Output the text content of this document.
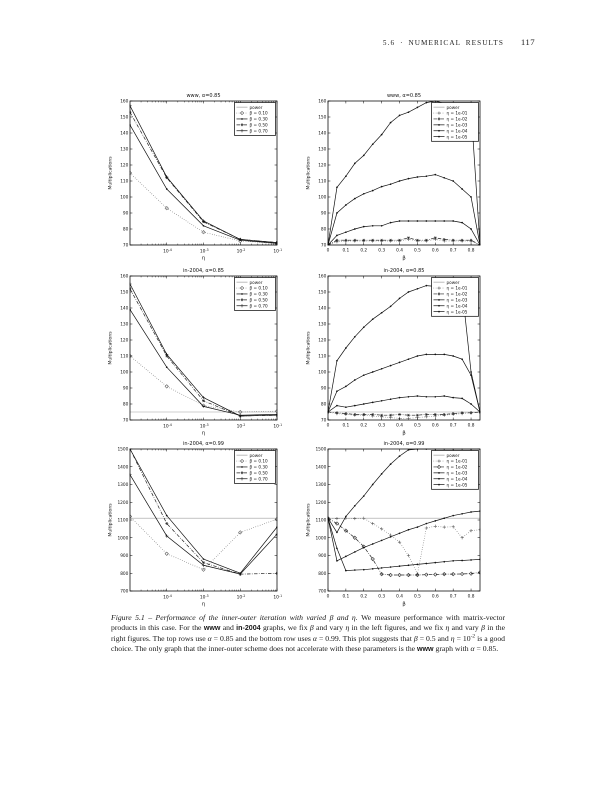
5.6 · NUMERICAL RESULTS 117
$10^{-4}$	$10^{-3}$	$10^{-2}$	$10^{-1}$
70
80
90
100
110
120
130
140
150
160
www, α=0.85
η
Multiplications
power
β = 0.10
β = 0.30
β = 0.50
β = 0.70
0	0.1	0.2	0.3	0.4	0.5	0.6	0.7	0.8
70
80
90
100
110
120
130
140
150
160
www, α=0.85
β
Multiplications
power
η = 1e-01
η = 1e-02
η = 1e-03
η = 1e-04
η = 1e-05
$10^{-4}$	$10^{-3}$	$10^{-2}$	$10^{-1}$
70
80
90
100
110
120
130
140
150
160
in-2004, α=0.85
η
Multiplications
power
β = 0.10
β = 0.30
β = 0.50
β = 0.70
0	0.1	0.2	0.3	0.4	0.5	0.6	0.7	0.8
70
80
90
100
110
120
130
140
150
160
in-2004, α=0.85
β
Multiplications
power
η = 1e-01
η = 1e-02
η = 1e-03
η = 1e-04
η = 1e-05
$10^{-4}$	$10^{-3}$	$10^{-2}$	$10^{-1}$
700
800
900
1000
1100
1200
1300
1400
1500
in-2004, α=0.99
η
Multiplications
power
β = 0.10
β = 0.30
β = 0.50
β = 0.70
0	0.1	0.2	0.3	0.4	0.5	0.6	0.7	0.8
700
800
900
1000
1100
1200
1300
1400
1500
in-2004, α=0.99
β
Multiplications
power
η = 1e-01
η = 1e-02
η = 1e-03
η = 1e-04
η = 1e-05

Figure 5.1 – Performance of the inner-outer iteration with varied β and η. We measure performance with matrix-vector products in this case. For the www and in-2004 graphs, we fix β and vary η in the left figures, and we fix η and vary β in the right figures. The top rows use α = 0.85 and the bottom row uses α = 0.99. This plot suggests that β = 0.5 and $\eta = 10^{-2}$ is a good choice. The only graph that the inner-outer scheme does not accelerate with these parameters is the www graph with α = 0.85.
